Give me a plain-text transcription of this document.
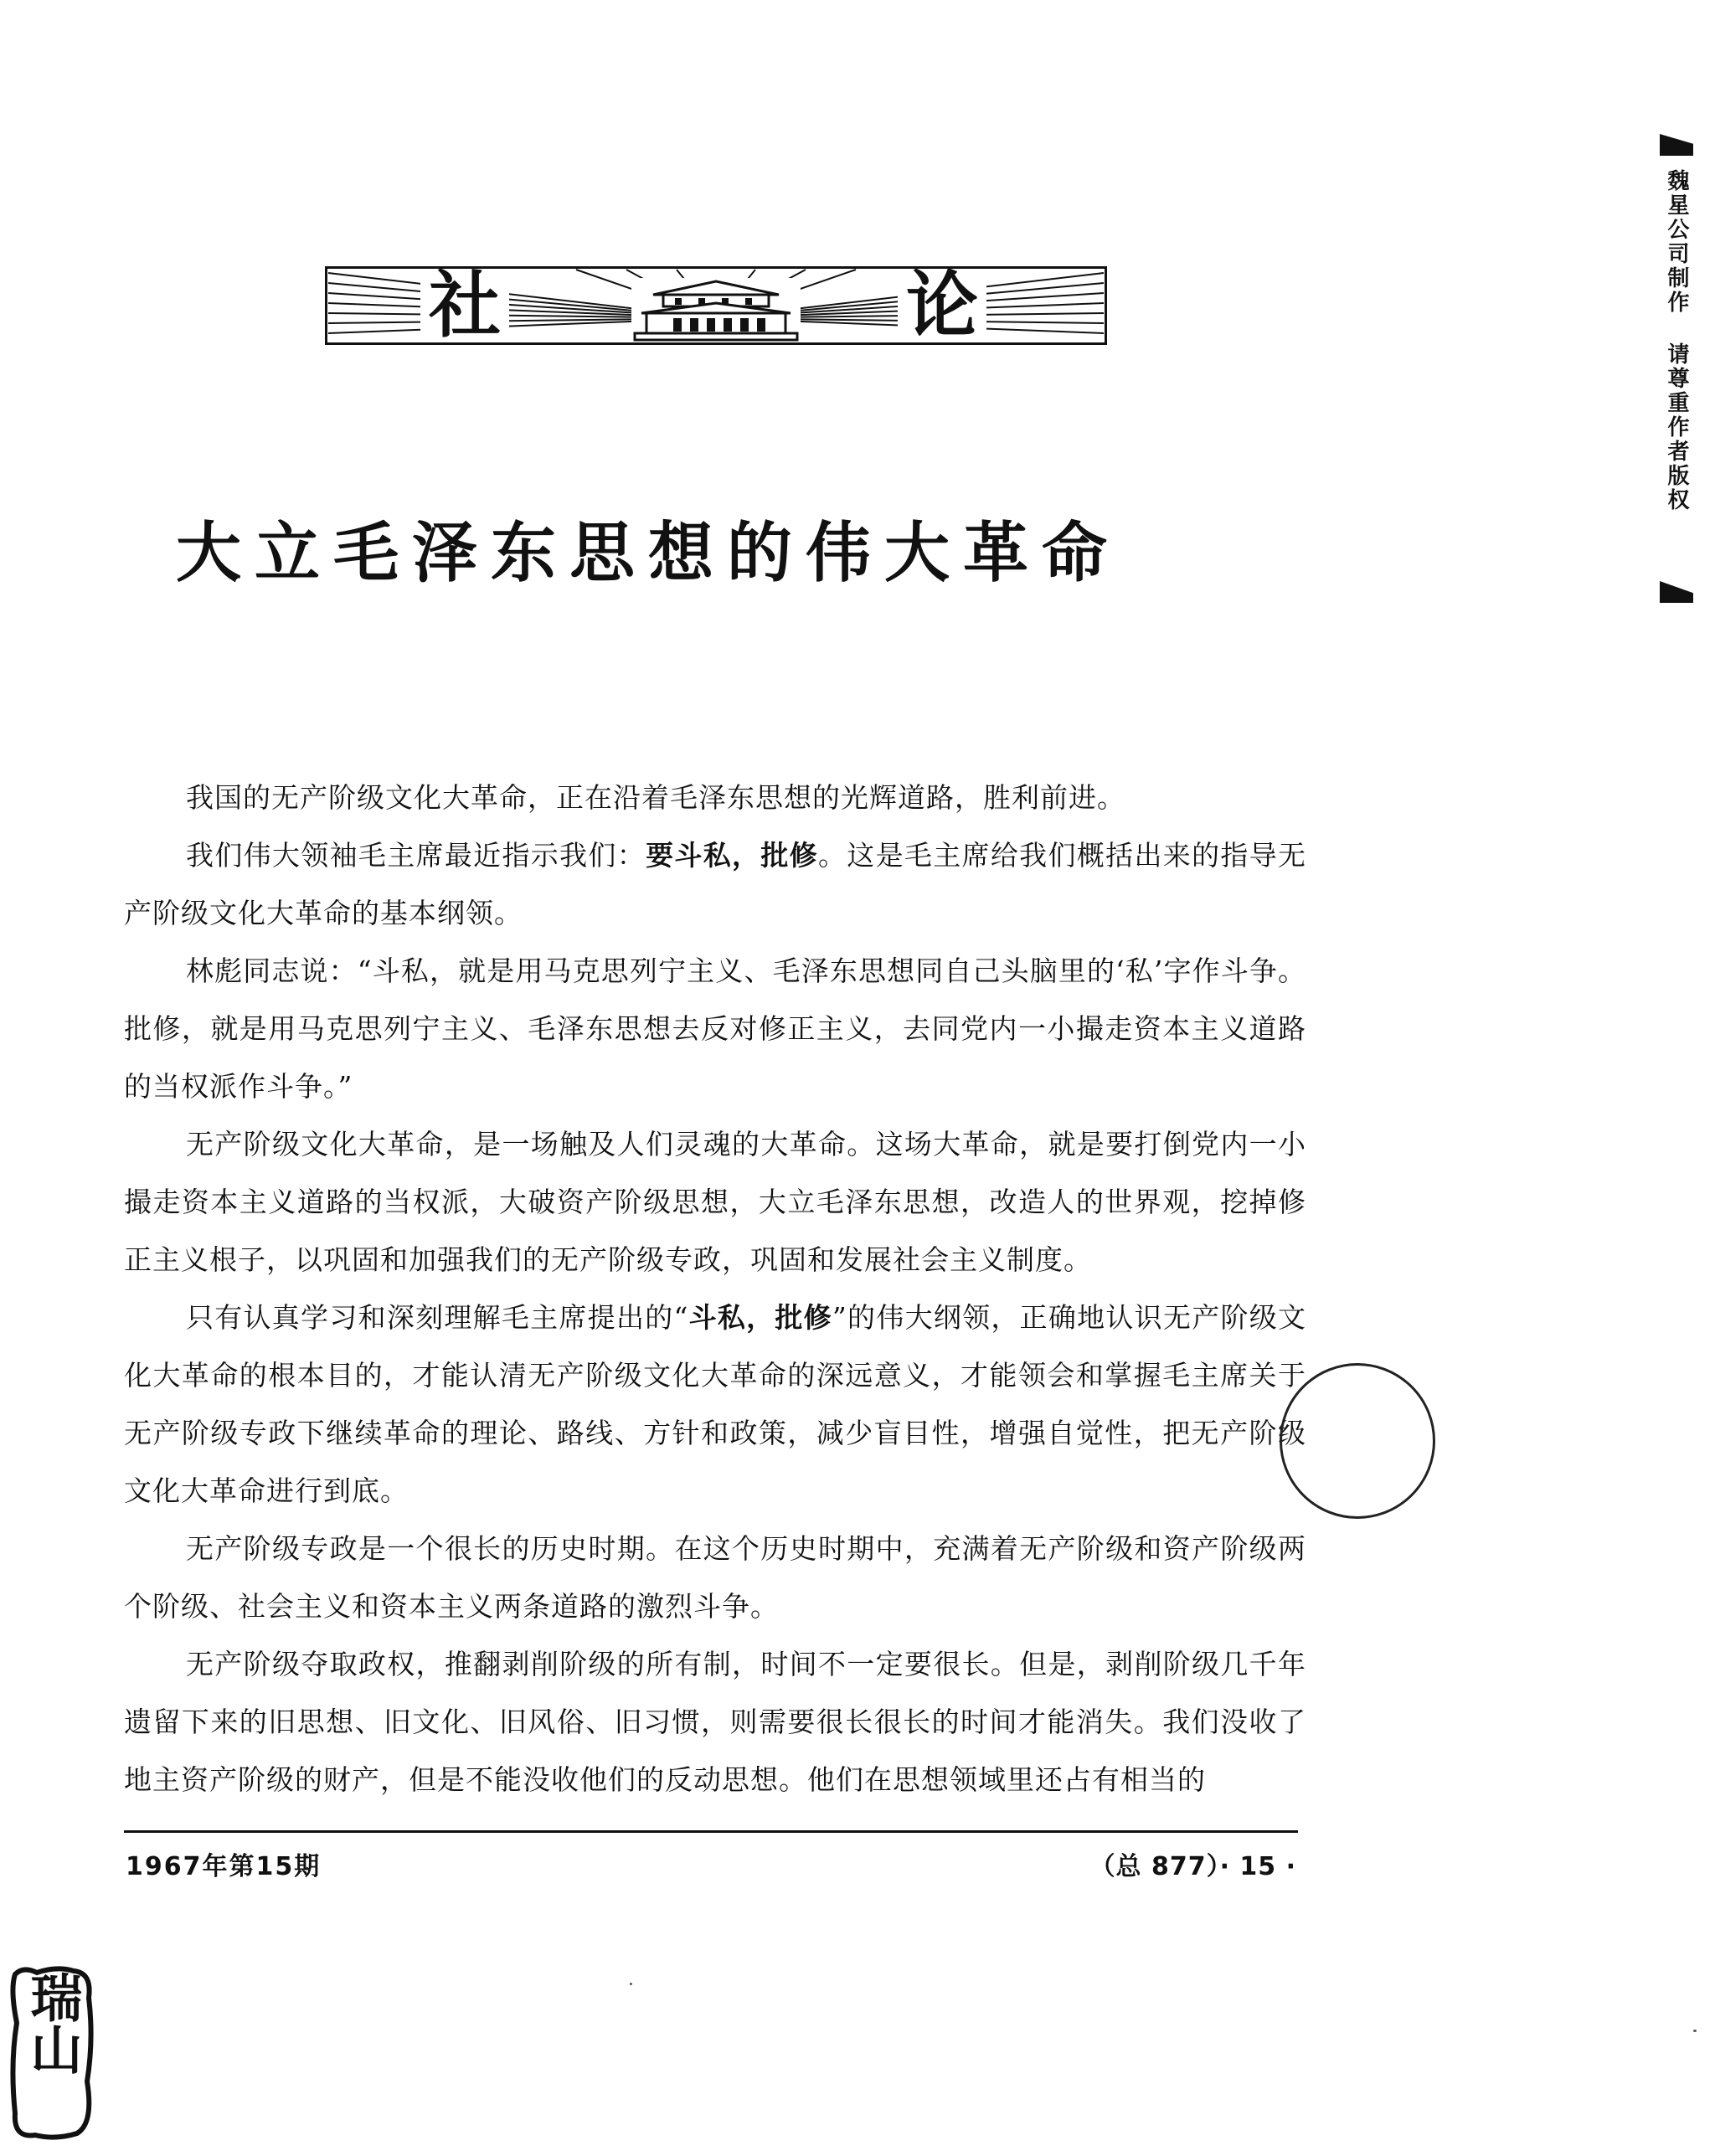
魏星公司制作 请尊重作者版权
社	论
大立毛泽东思想的伟大革命

我国的无产阶级文化大革命，正在沿着毛泽东思想的光辉道路，胜利前进。

我们伟大领袖毛主席最近指示我们：要斗私，批修。这是毛主席给我们概括出来的指导无产阶级文化大革命的基本纲领。

林彪同志说：“斗私，就是用马克思列宁主义、毛泽东思想同自己头脑里的‘私’字作斗争。批修，就是用马克思列宁主义、毛泽东思想去反对修正主义，去同党内一小撮走资本主义道路的当权派作斗争。”

无产阶级文化大革命，是一场触及人们灵魂的大革命。这场大革命，就是要打倒党内一小撮走资本主义道路的当权派，大破资产阶级思想，大立毛泽东思想，改造人的世界观，挖掉修正主义根子，以巩固和加强我们的无产阶级专政，巩固和发展社会主义制度。

只有认真学习和深刻理解毛主席提出的“斗私，批修”的伟大纲领，正确地认识无产阶级文化大革命的根本目的，才能认清无产阶级文化大革命的深远意义，才能领会和掌握毛主席关于无产阶级专政下继续革命的理论、路线、方针和政策，减少盲目性，增强自觉性，把无产阶级文化大革命进行到底。

无产阶级专政是一个很长的历史时期。在这个历史时期中，充满着无产阶级和资产阶级两个阶级、社会主义和资本主义两条道路的激烈斗争。

无产阶级夺取政权，推翻剥削阶级的所有制，时间不一定要很长。但是，剥削阶级几千年遗留下来的旧思想、旧文化、旧风俗、旧习惯，则需要很长很长的时间才能消失。我们没收了地主资产阶级的财产，但是不能没收他们的反动思想。他们在思想领域里还占有相当的

1967年第15期	（总 877）· 15 ·
瑞山
